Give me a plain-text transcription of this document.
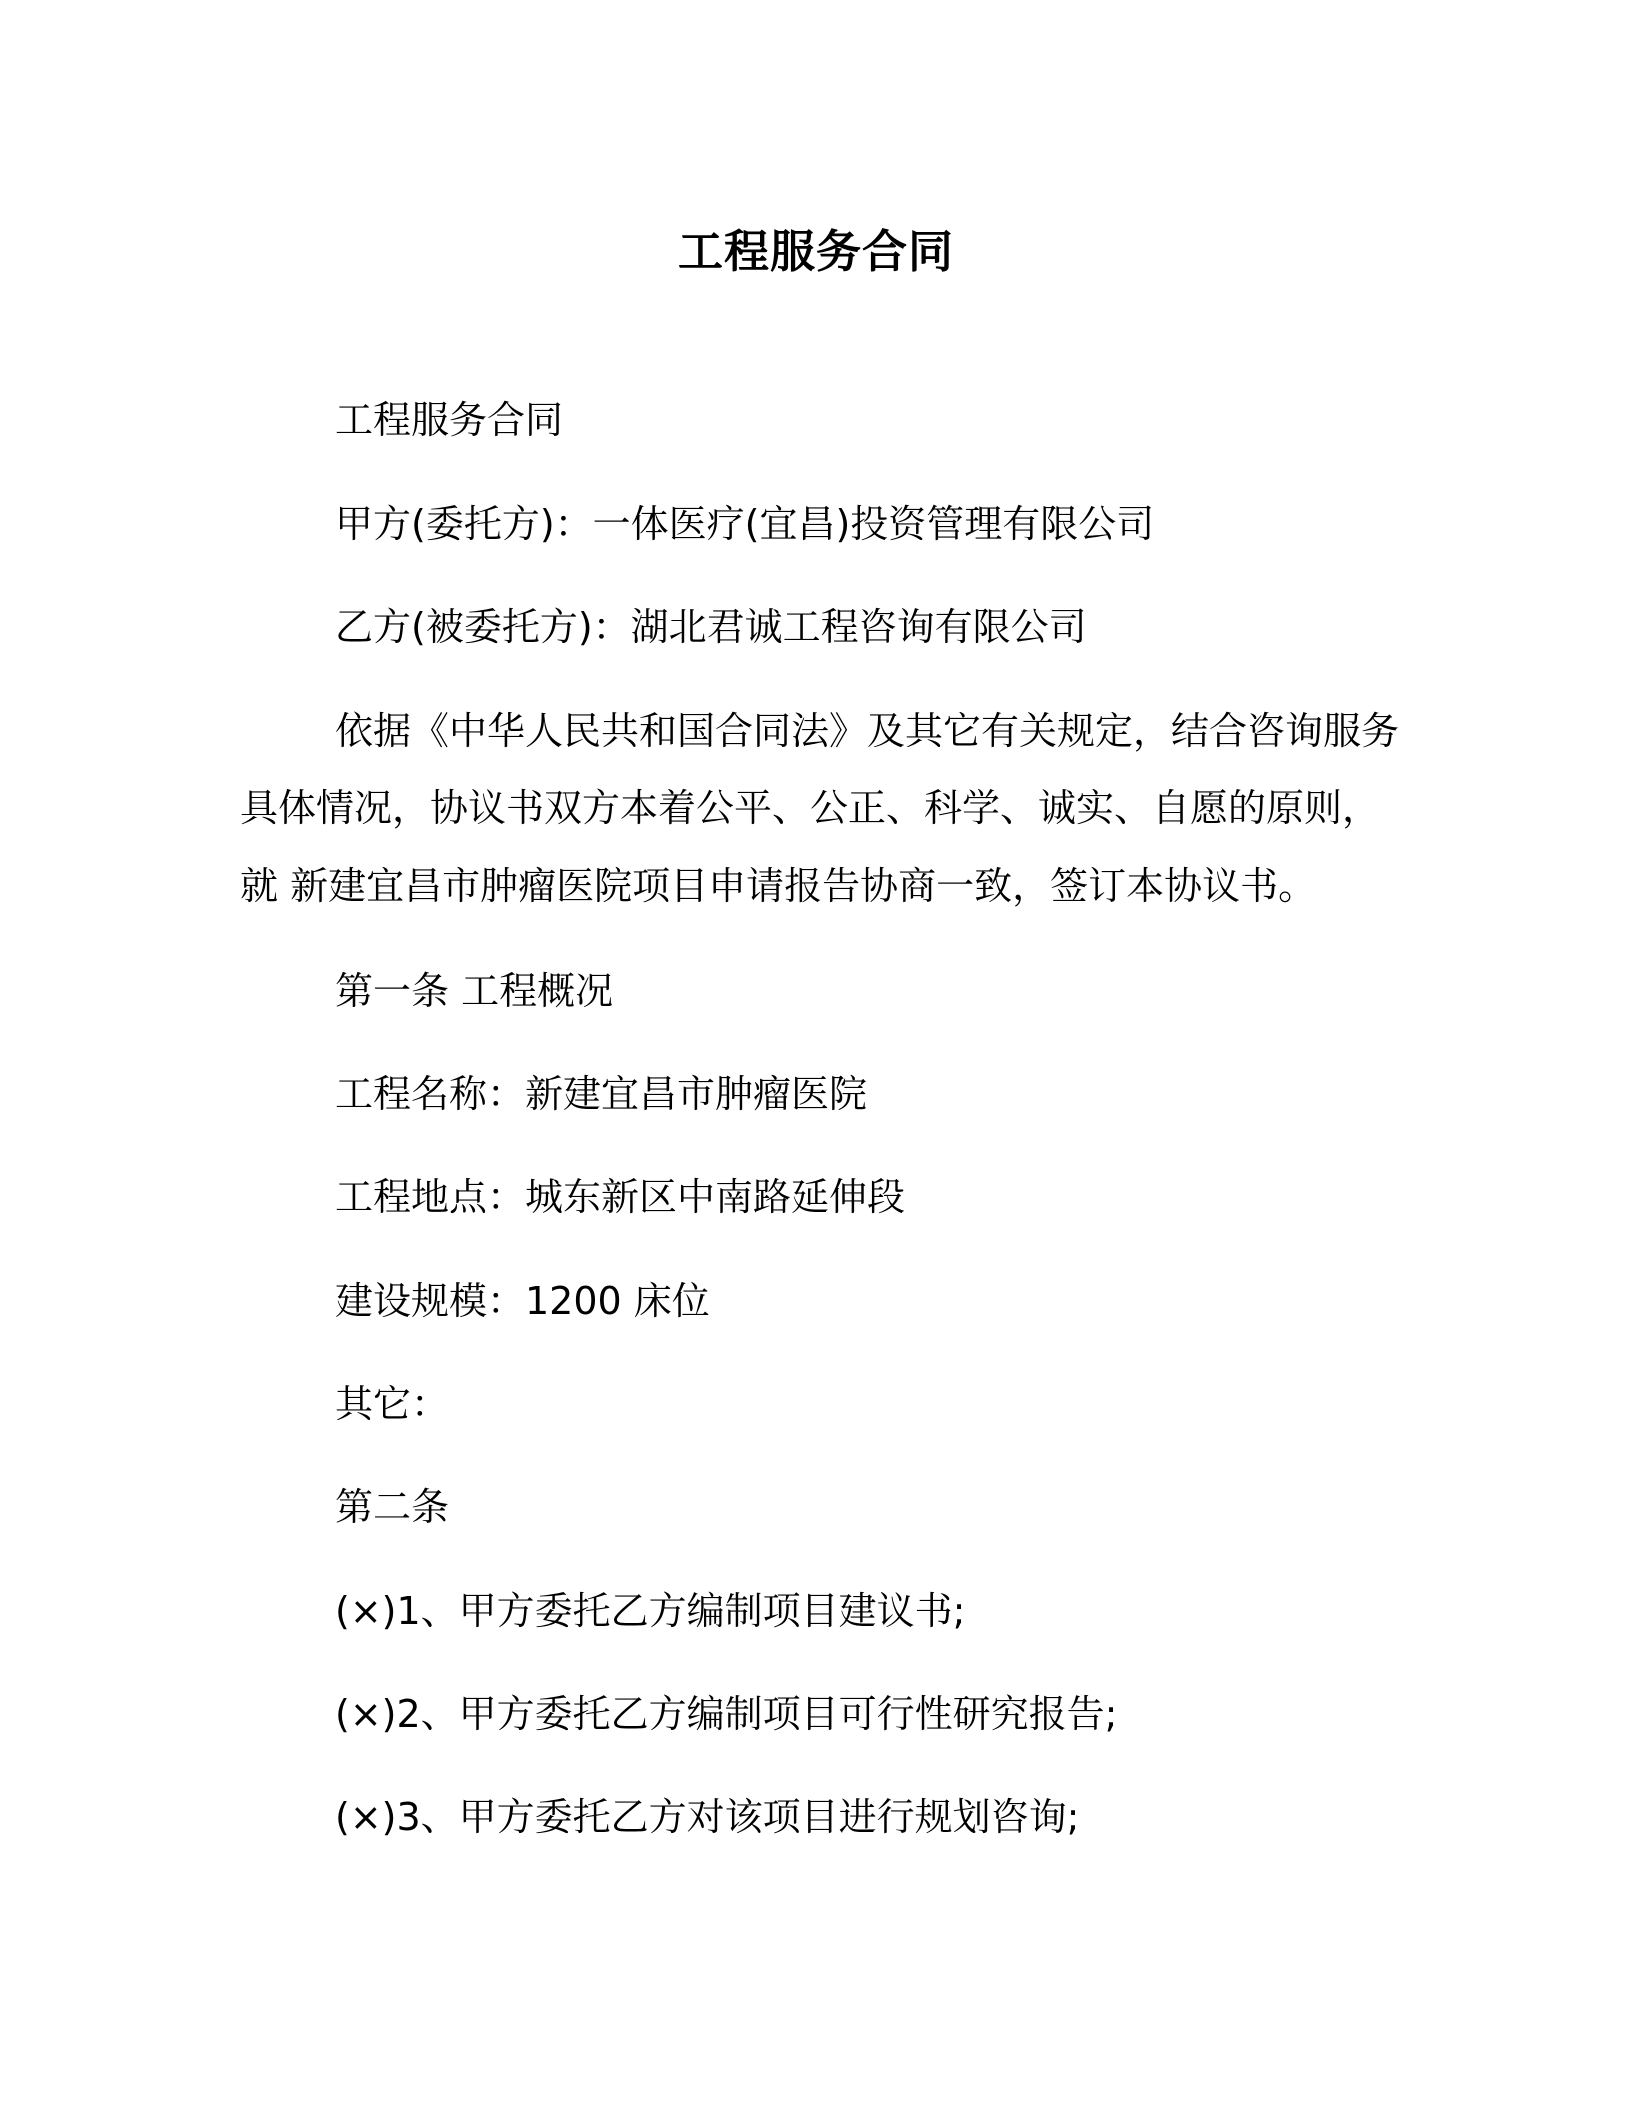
工程服务合同
工程服务合同
甲方(委托方)：一体医疗(宜昌)投资管理有限公司
乙方(被委托方)：湖北君诚工程咨询有限公司
依据《中华人民共和国合同法》及其它有关规定，结合咨询服务
具体情况，协议书双方本着公平、公正、科学、诚实、自愿的原则，
就 新建宜昌市肿瘤医院项目申请报告协商一致，签订本协议书。
第一条 工程概况
工程名称：新建宜昌市肿瘤医院
工程地点：城东新区中南路延伸段
建设规模：1200 床位
其它：
第二条
(×)1、甲方委托乙方编制项目建议书;
(×)2、甲方委托乙方编制项目可行性研究报告;
(×)3、甲方委托乙方对该项目进行规划咨询;
